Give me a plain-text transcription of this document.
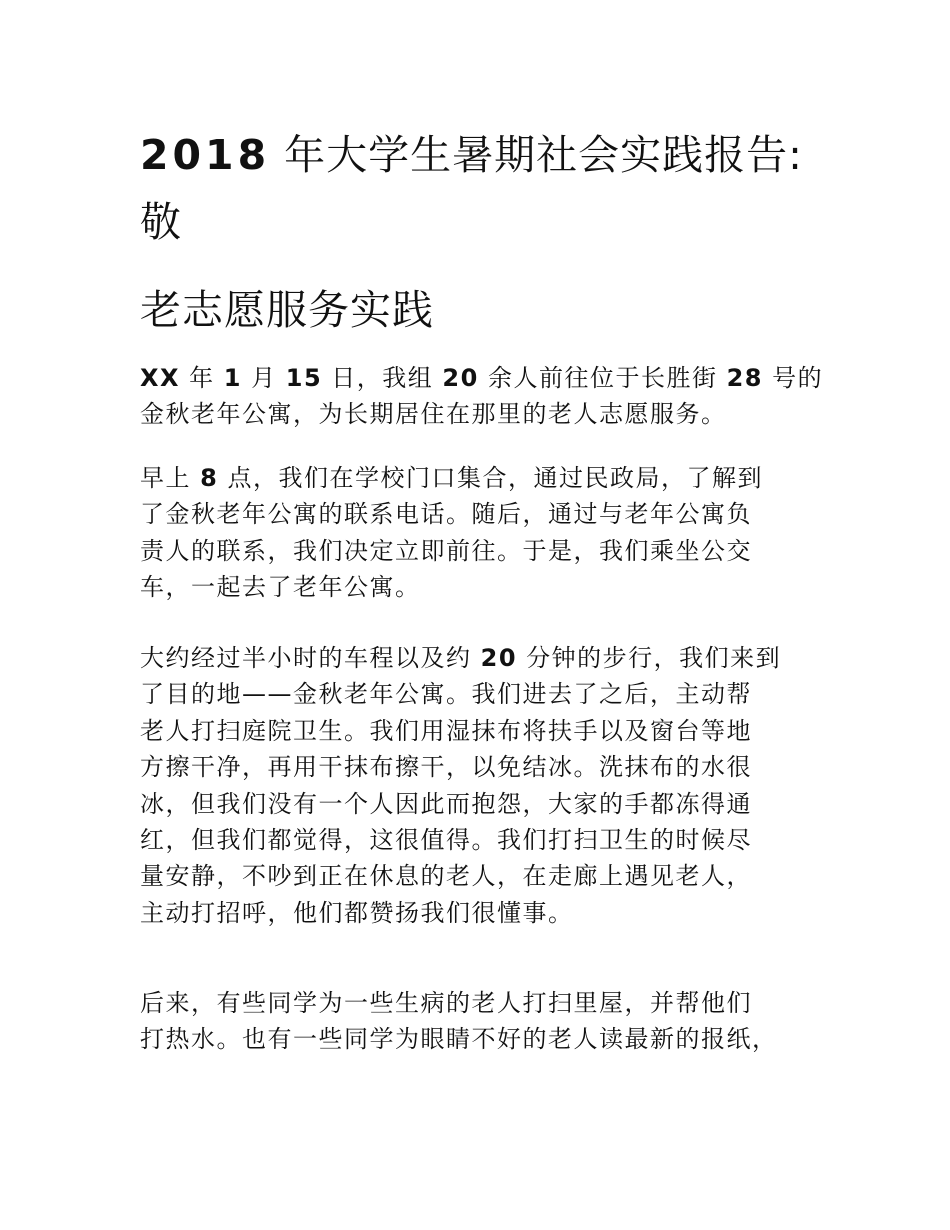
2018 年大学生暑期社会实践报告:
敬
老志愿服务实践

XX 年 1 月 15 日，我组 20 余人前往位于长胜街 28 号的
金秋老年公寓，为长期居住在那里的老人志愿服务。

早上 8 点，我们在学校门口集合，通过民政局，了解到
了金秋老年公寓的联系电话。随后，通过与老年公寓负
责人的联系，我们决定立即前往。于是，我们乘坐公交
车，一起去了老年公寓。

大约经过半小时的车程以及约 20 分钟的步行，我们来到
了目的地——金秋老年公寓。我们进去了之后，主动帮
老人打扫庭院卫生。我们用湿抹布将扶手以及窗台等地
方擦干净，再用干抹布擦干，以免结冰。洗抹布的水很
冰，但我们没有一个人因此而抱怨，大家的手都冻得通
红，但我们都觉得，这很值得。我们打扫卫生的时候尽
量安静，不吵到正在休息的老人，在走廊上遇见老人，
主动打招呼，他们都赞扬我们很懂事。

后来，有些同学为一些生病的老人打扫里屋，并帮他们
打热水。也有一些同学为眼睛不好的老人读最新的报纸，
